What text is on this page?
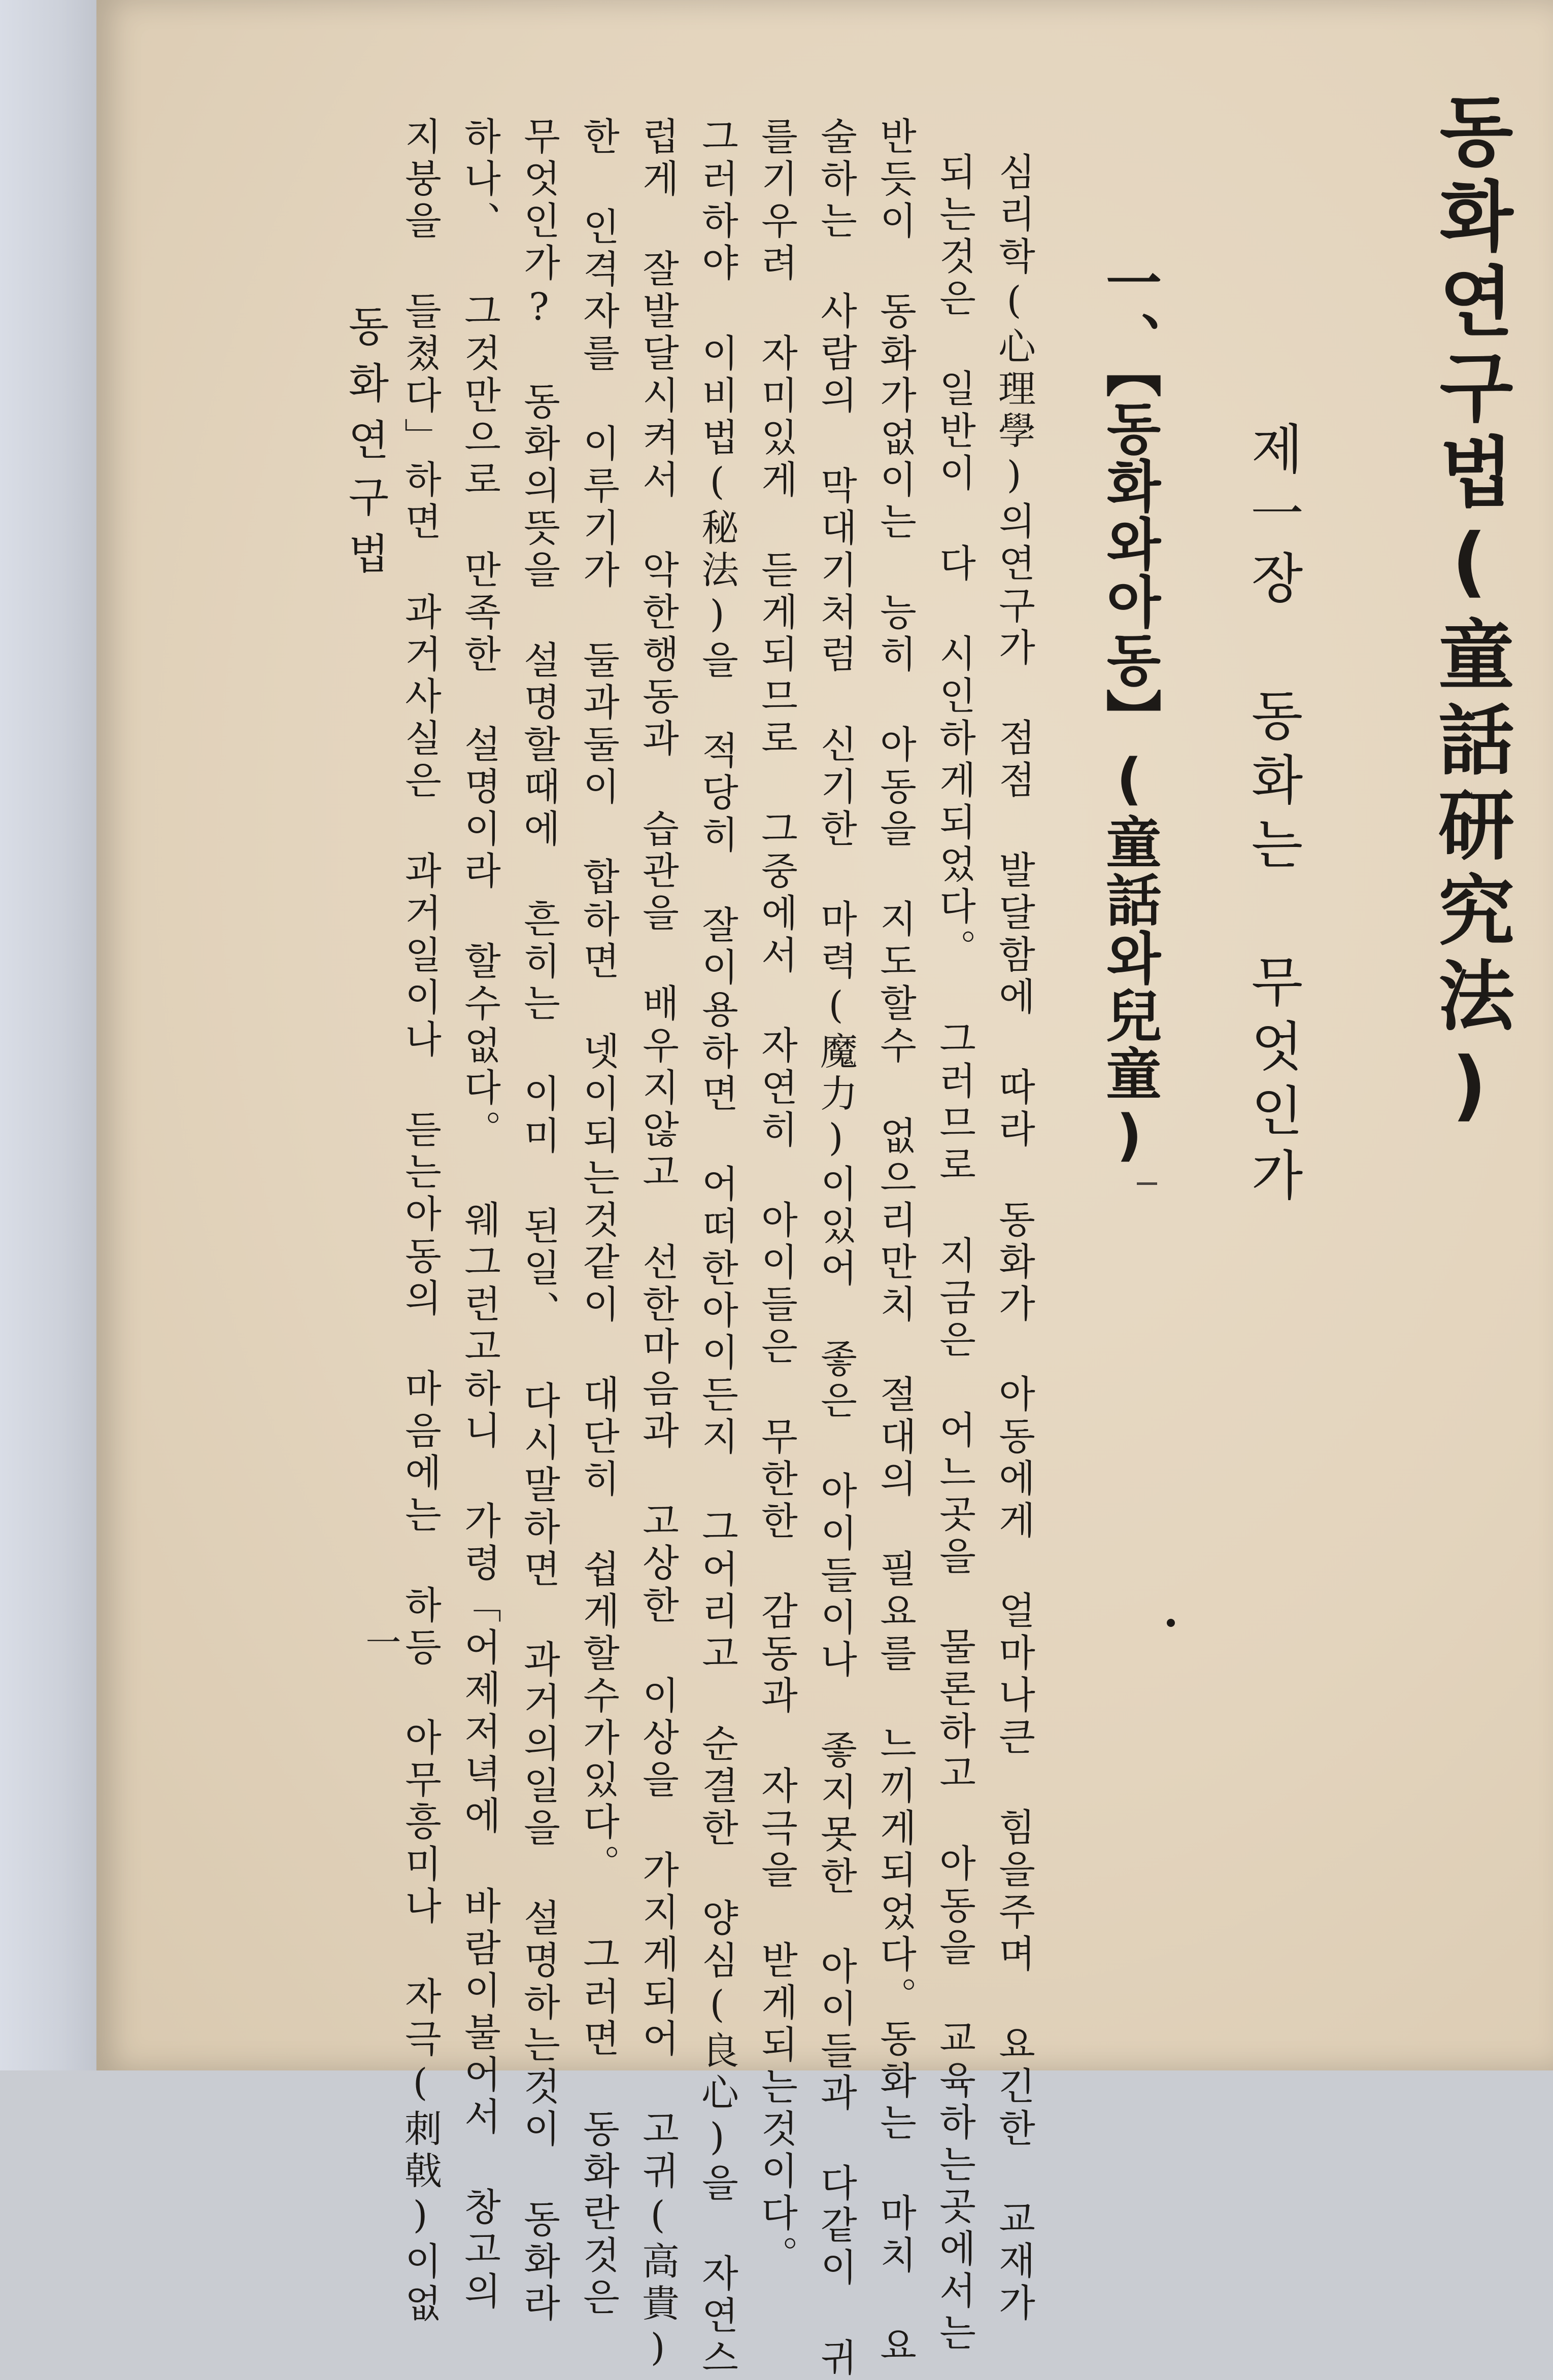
동화연구법(童話研究法)
제一장 동화는 무엇인가
一、【동화와아동】(童話와兒童)
심리학(心理學)의연구가 점점 발달함에 따라 동화가 아동에게 얼마나큰 힘을주며 요긴한 교재가
되는것은 일반이 다 시인하게되었다。 그러므로 지금은 어느곳을 물론하고 아동을 교육하는곳에서는
반듯이 동화가없이는 능히 아동을 지도할수 없으리만치 절대의 필요를 느끼게되었다。동화는 마치 요
술하는 사람의 막대기처럼 신기한 마력(魔力)이있어 좋은 아이들이나 좋지못한 아이들과 다같이 귀
를기우려 자미있게 듣게되므로 그중에서 자연히 아이들은 무한한 감동과 자극을 받게되는것이다。
그러하야 이비법(秘法)을 적당히 잘이용하면 어떠한아이든지 그어리고 순결한 양심(良心)을 자연스
럽게 잘발달시켜서 악한행동과 습관을 배우지않고 선한마음과 고상한 이상을 가지게되어 고귀(高貴)
한 인격자를 이루기가 둘과둘이 합하면 넷이되는것같이 대단히 쉽게할수가있다。 그러면 동화란것은
무엇인가? 동화의뜻을 설명할때에 흔히는 이미 된일、 다시말하면 과거의일을 설명하는것이 동화라
하나、 그것만으로 만족한 설명이라 할수없다。 웨그런고하니 가령「어제저녁에 바람이불어서 창고의
지붕을 들쳤다」하면 과거사실은 과거일이나 듣는아동의 마음에는 하등 아무흥미나 자극(刺戟)이없
동화연구법
一
